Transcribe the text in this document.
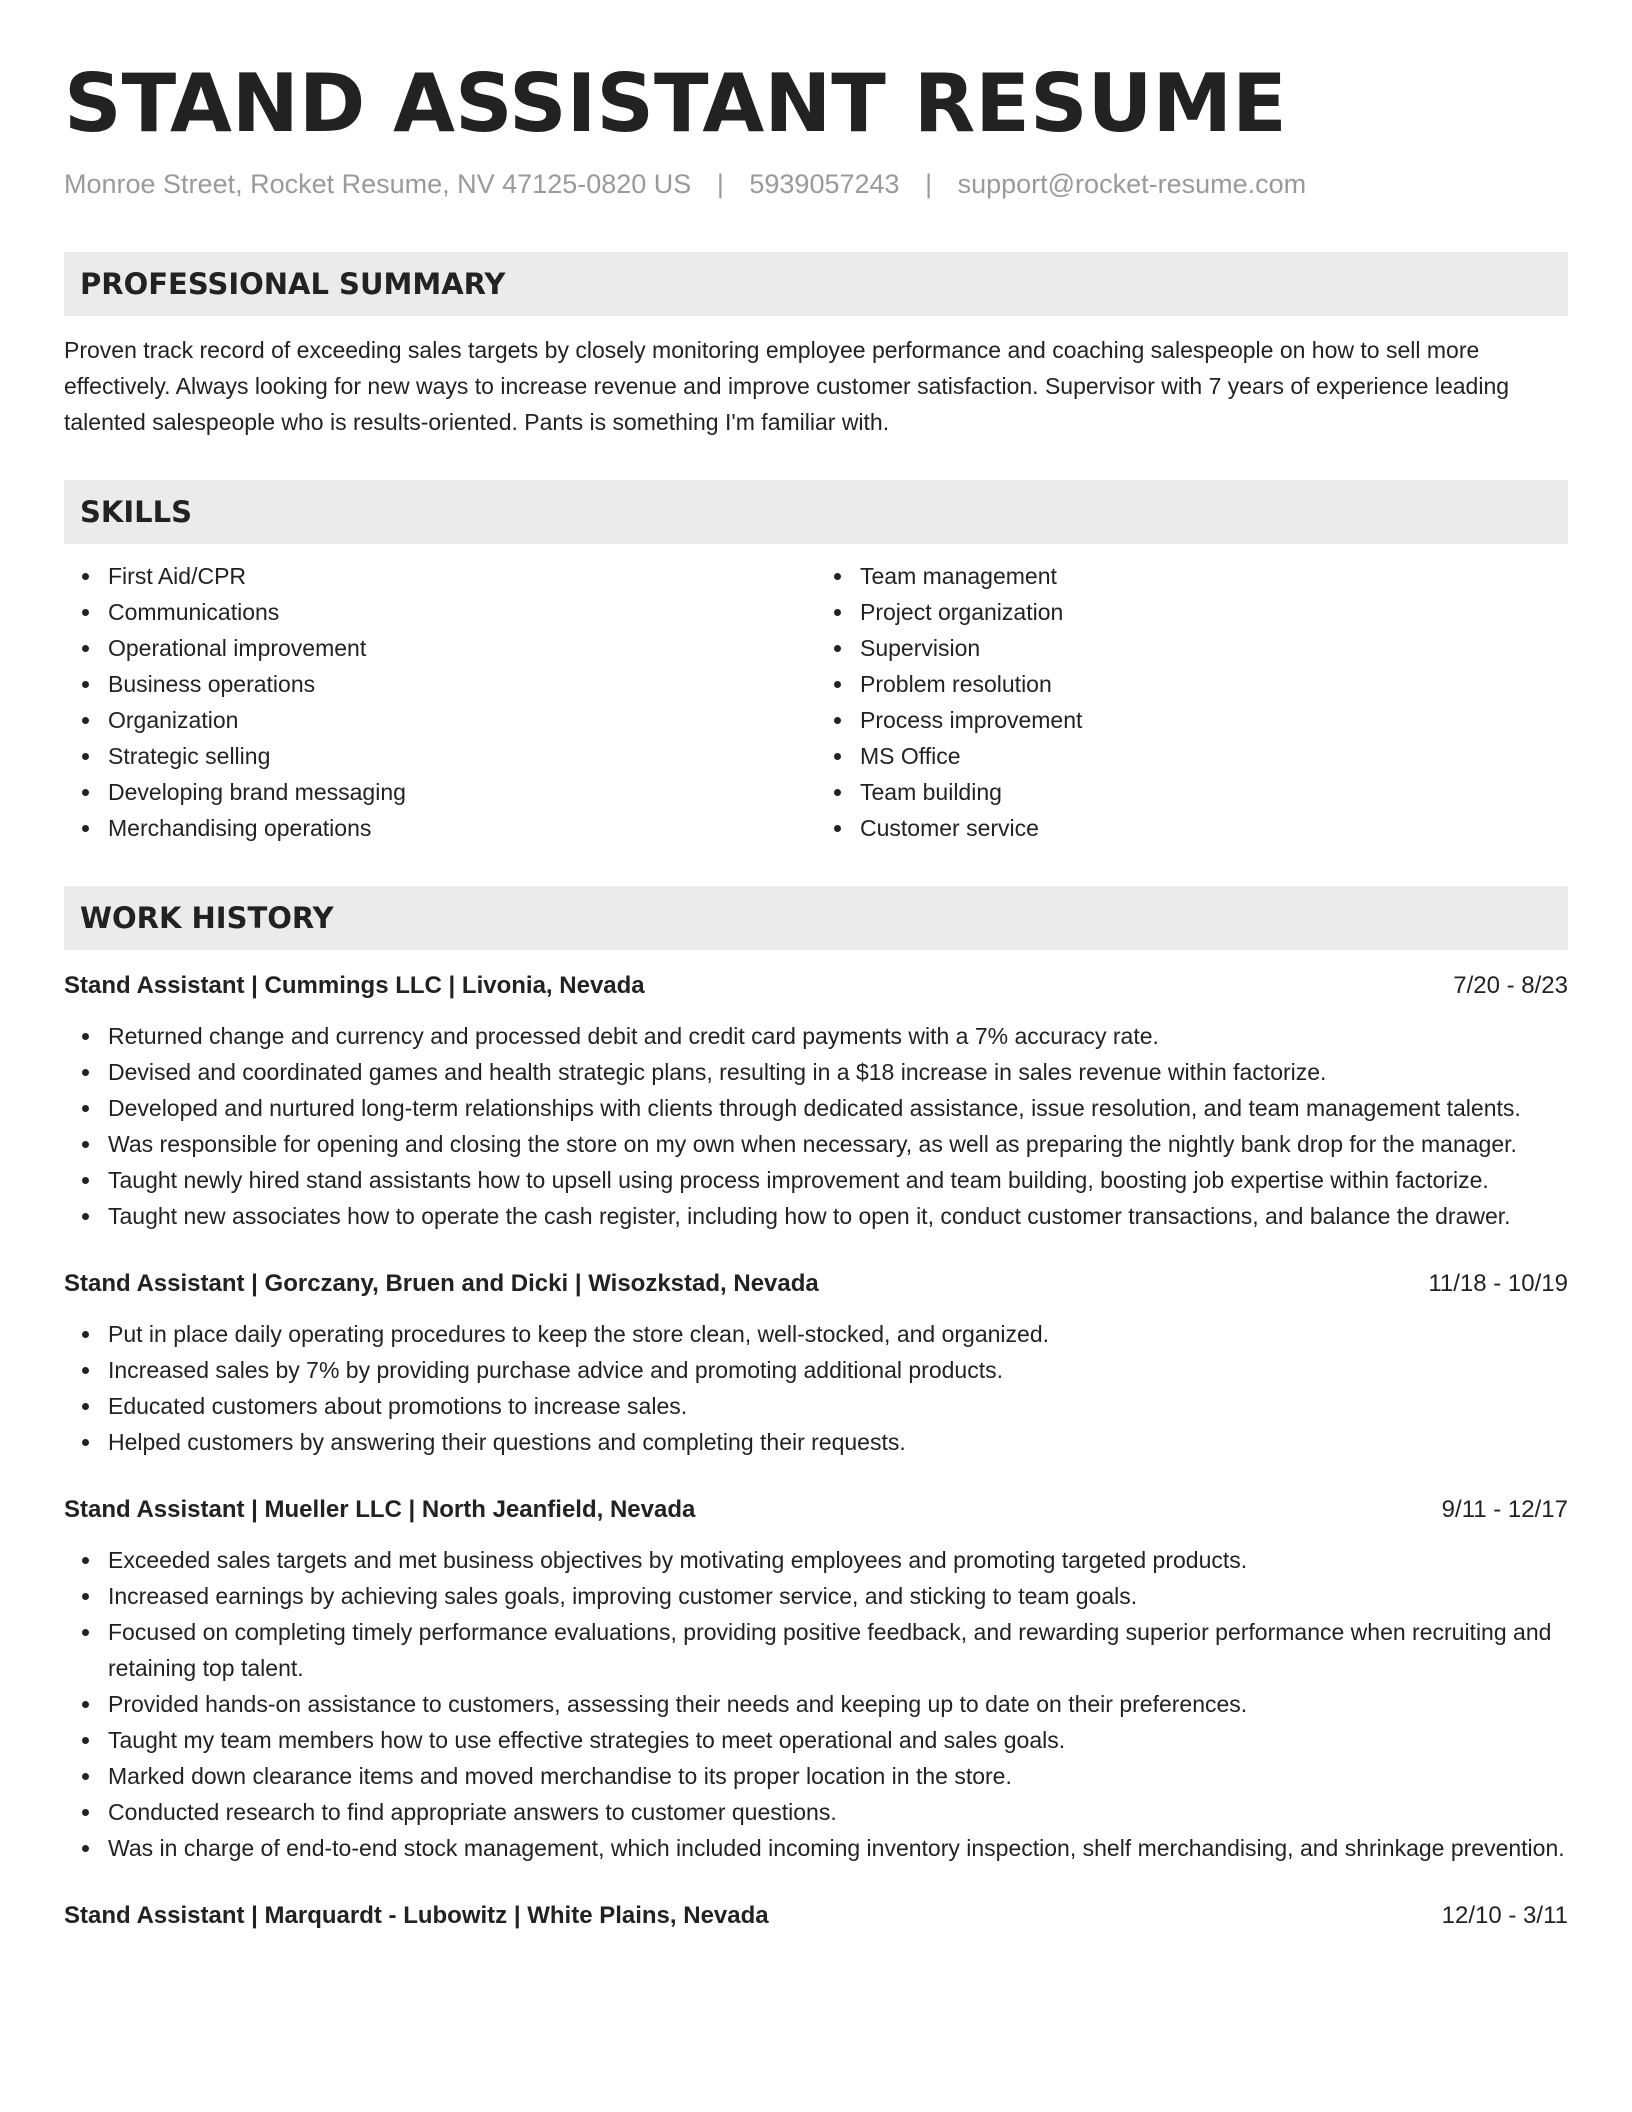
STAND ASSISTANT RESUME
Monroe Street, Rocket Resume, NV 47125-0820 US | 5939057243 | support@rocket-resume.com
PROFESSIONAL SUMMARY

Proven track record of exceeding sales targets by closely monitoring employee performance and coaching salespeople on how to sell more effectively. Always looking for new ways to increase revenue and improve customer satisfaction. Supervisor with 7 years of experience leading talented salespeople who is results-oriented. Pants is something I'm familiar with.

SKILLS
First Aid/CPR
Communications
Operational improvement
Business operations
Organization
Strategic selling
Developing brand messaging
Merchandising operations
Team management
Project organization
Supervision
Problem resolution
Process improvement
MS Office
Team building
Customer service
WORK HISTORY
Stand Assistant | Cummings LLC | Livonia, Nevada	7/20 - 8/23
Returned change and currency and processed debit and credit card payments with a 7% accuracy rate.
Devised and coordinated games and health strategic plans, resulting in a $18 increase in sales revenue within factorize.
Developed and nurtured long-term relationships with clients through dedicated assistance, issue resolution, and team management talents.
Was responsible for opening and closing the store on my own when necessary, as well as preparing the nightly bank drop for the manager.
Taught newly hired stand assistants how to upsell using process improvement and team building, boosting job expertise within factorize.
Taught new associates how to operate the cash register, including how to open it, conduct customer transactions, and balance the drawer.
Stand Assistant | Gorczany, Bruen and Dicki | Wisozkstad, Nevada	11/18 - 10/19
Put in place daily operating procedures to keep the store clean, well-stocked, and organized.
Increased sales by 7% by providing purchase advice and promoting additional products.
Educated customers about promotions to increase sales.
Helped customers by answering their questions and completing their requests.
Stand Assistant | Mueller LLC | North Jeanfield, Nevada	9/11 - 12/17
Exceeded sales targets and met business objectives by motivating employees and promoting targeted products.
Increased earnings by achieving sales goals, improving customer service, and sticking to team goals.
Focused on completing timely performance evaluations, providing positive feedback, and rewarding superior performance when recruiting and retaining top talent.
Provided hands-on assistance to customers, assessing their needs and keeping up to date on their preferences.
Taught my team members how to use effective strategies to meet operational and sales goals.
Marked down clearance items and moved merchandise to its proper location in the store.
Conducted research to find appropriate answers to customer questions.
Was in charge of end-to-end stock management, which included incoming inventory inspection, shelf merchandising, and shrinkage prevention.
Stand Assistant | Marquardt - Lubowitz | White Plains, Nevada	12/10 - 3/11
